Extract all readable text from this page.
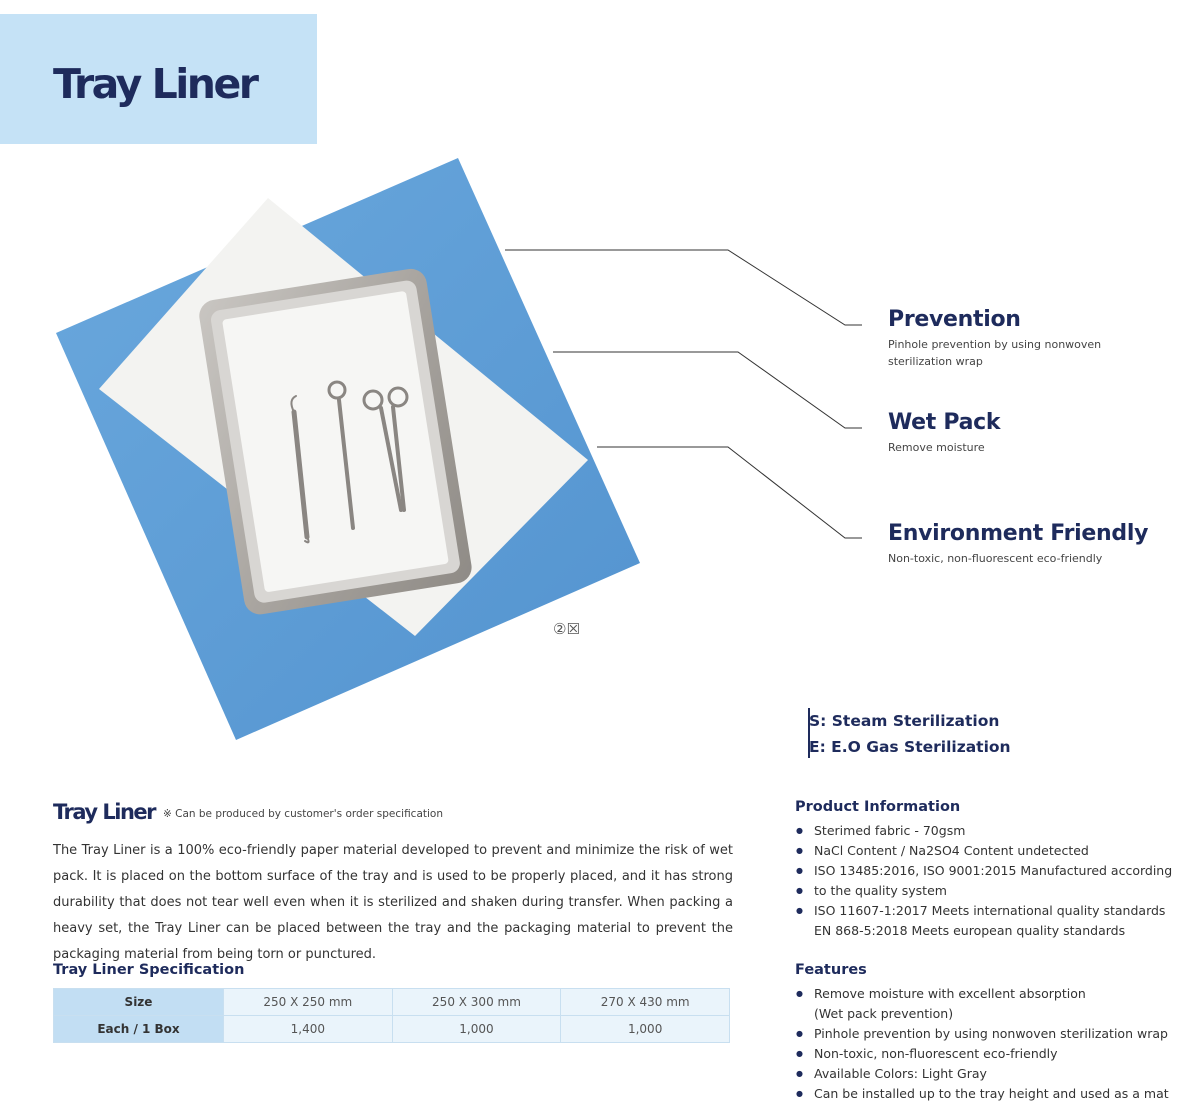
Tray Liner
②☒
Prevention
Pinhole prevention by using nonwoven sterilization wrap
Wet Pack
Remove moisture
Environment Friendly
Non-toxic, non-fluorescent eco-friendly
S: Steam Sterilization
E: E.O Gas Sterilization
Tray Liner ※ Can be produced by customer's order specification

The Tray Liner is a 100% eco-friendly paper material developed to prevent and minimize the risk of wet pack. It is placed on the bottom surface of the tray and is used to be properly placed, and it has strong durability that does not tear well even when it is sterilized and shaken during transfer. When packing a heavy set, the Tray Liner can be placed between the tray and the packaging material to prevent the packaging material from being torn or punctured.

Tray Liner Specification
Size	250 X 250 mm	250 X 300 mm	270 X 430 mm
Each / 1 Box	1,400	1,000	1,000
Product Information
● Sterimed fabric - 70gsm
● NaCl Content / Na2SO4 Content undetected
● ISO 13485:2016, ISO 9001:2015 Manufactured according
● to the quality system
● ISO 11607-1:2017 Meets international quality standards
EN 868-5:2018 Meets european quality standards
Features
● Remove moisture with excellent absorption
(Wet pack prevention)
● Pinhole prevention by using nonwoven sterilization wrap
● Non-toxic, non-fluorescent eco-friendly
● Available Colors: Light Gray
● Can be installed up to the tray height and used as a mat
